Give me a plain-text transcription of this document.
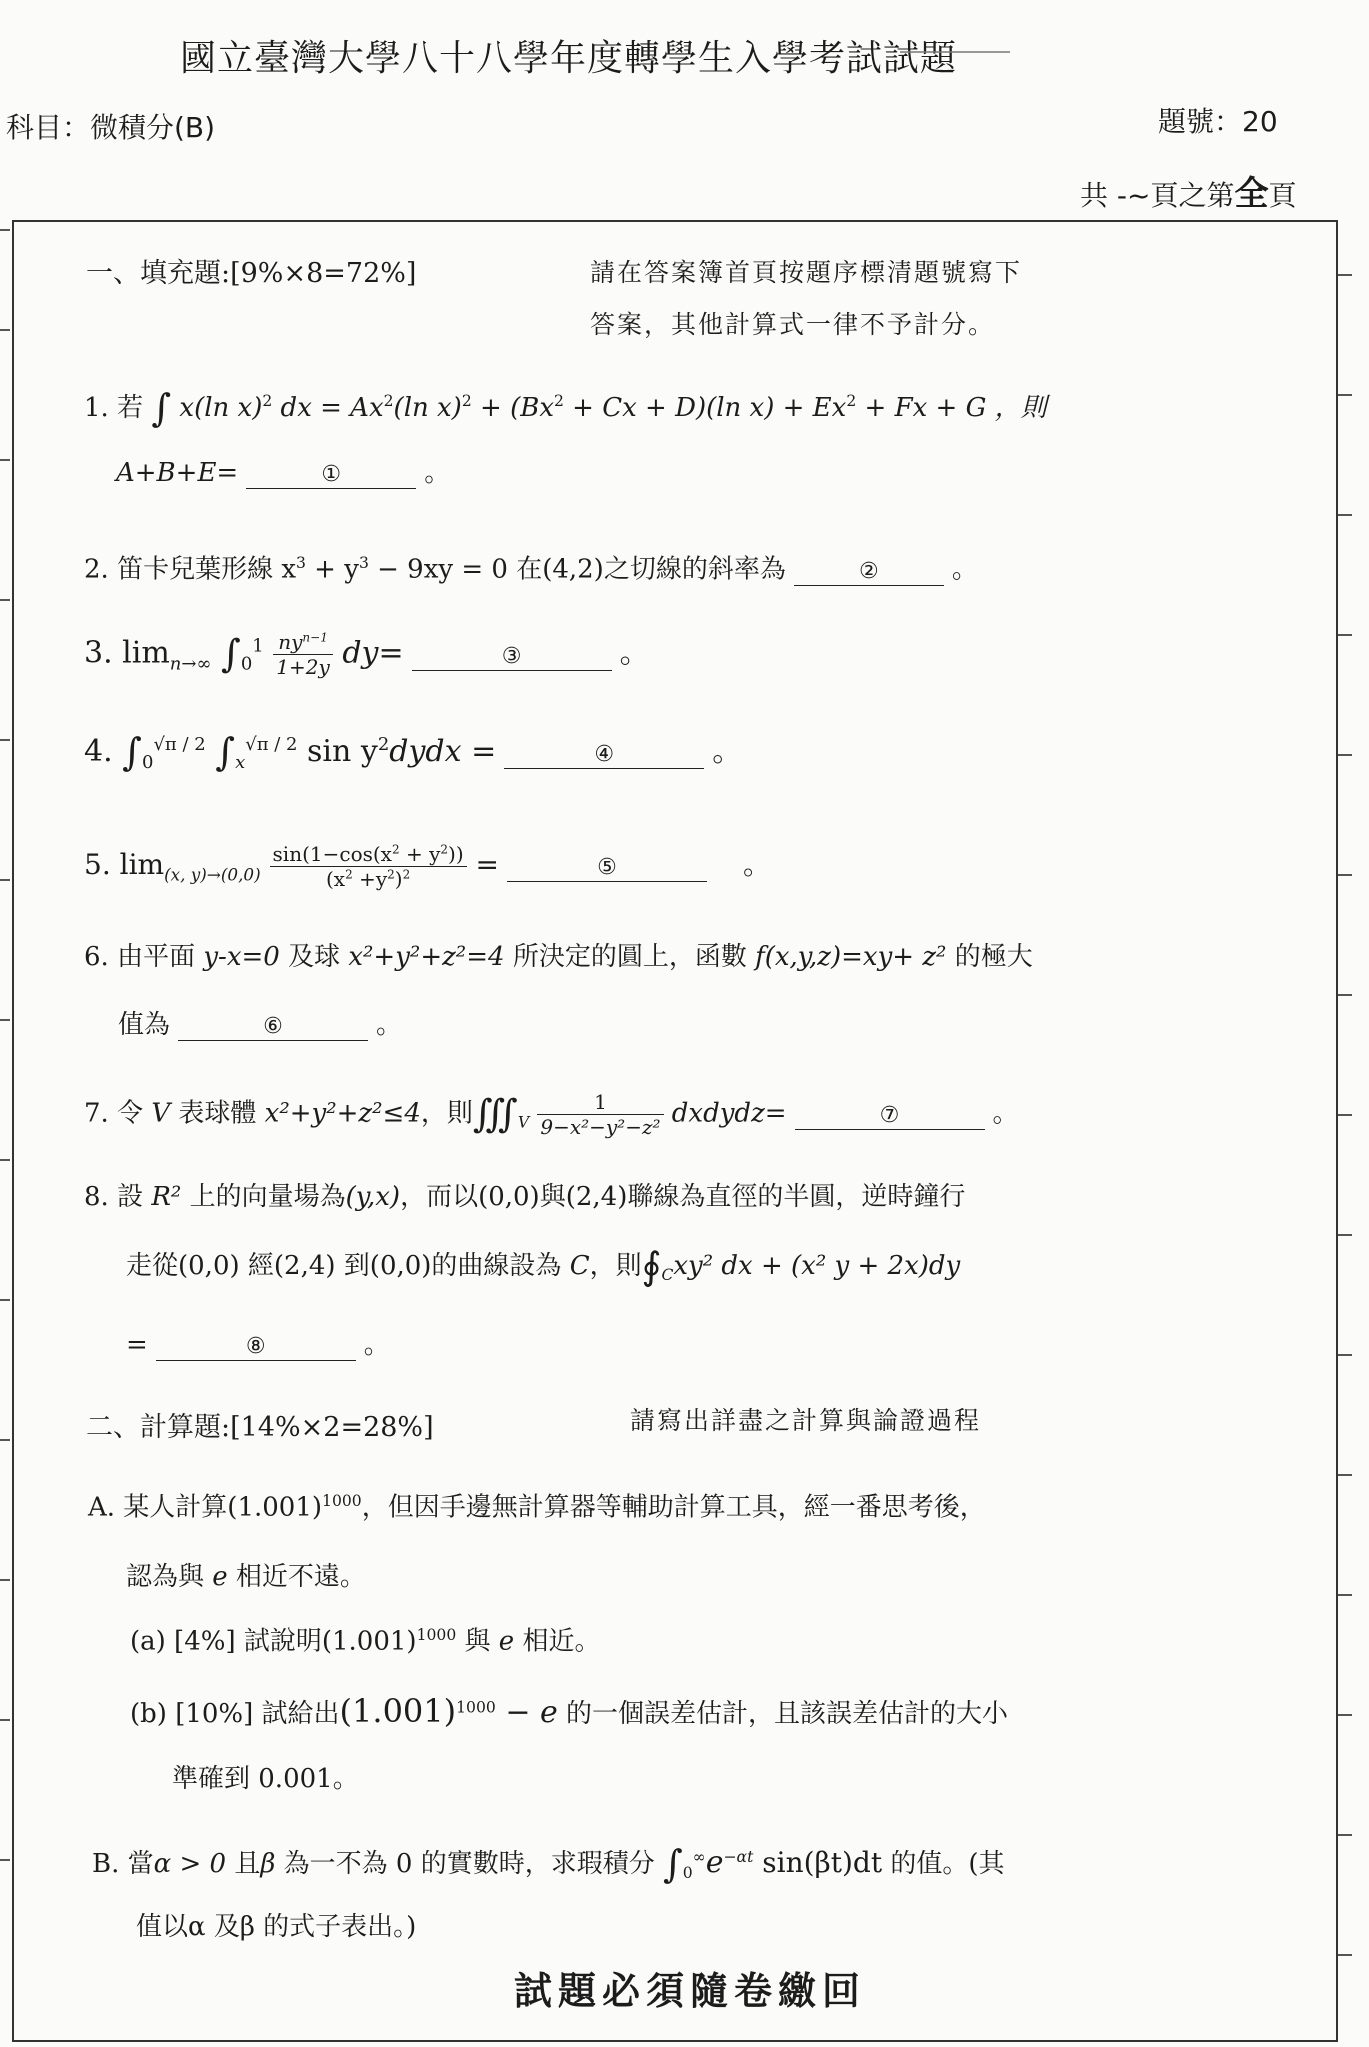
國立臺灣大學八十八學年度轉學生入學考試試題
科目：微積分(B)	題號：20
共 -~頁之第全頁
一、填充題:[9%×8=72%]	請在答案簿首頁按題序標清題號寫下
答案，其他計算式一律不予計分。
1. 若 ∫ x(ln x)$^2$ dx = $Ax^2(\ln$ $x)^2 + (Bx^2 + Cx + D)(\ln$ $x) + Ex^2 + Fx + G$ ，則
A+B+E=	①	。
2. 笛卡兒葉形線 $x^3 + y^3 - 9xy = 0$ 在(4,2)之切線的斜率為	②	。
3. $\lim_{n\to\infty} \int_0^1 \frac{ny^{n-1}}{1+2y} dy=$	③	。
4. $\int_0^{√\pi / 2}$ $\int_x^{√\pi / 2}$ $\sin y^2dydx$ =	④	。
5. $\lim_{(x, y)\to(0,0)} \frac{\sin(1-\cos(x^2 + y^2))}{(x^2 +y^2)^2}$ =	⑤	　。
6. 由平面 y-x=0 及球 x²+y²+z²=4 所決定的圓上，函數 f(x,y,z)=xy+ z² 的極大
值為	⑥	。
7. 令 V 表球體 x²+y²+z²≤4，則$∭_V \frac{1}{\text{9−x²−y²−z²}}$ dxdydz=	⑦	。
8. 設 R² 上的向量場為(y,x)，而以(0,0)與(2,4)聯線為直徑的半圓，逆時鐘行
走從(0,0) 經(2,4) 到(0,0)的曲線設為 C，則$∮_Cxy^2$ dx + (x² y + 2x)dy
=	⑧	。
二、計算題:[14%×2=28%]	請寫出詳盡之計算與論證過程
A. 某人計算$(1.001)^{1000}$，但因手邊無計算器等輔助計算工具，經一番思考後，
認為與 e 相近不遠。
(a) [4%] 試說明$(1.001)^{1000}$ 與 e 相近。
(b) [10%] 試給出$(1.001)^{1000} - e$ 的一個誤差估計，且該誤差估計的大小
準確到 0.001。
B. 當α > 0 且β 為一不為 0 的實數時，求瑕積分 $\int_0^\infty e^{-\alpha t}$ sin(βt)dt 的值。(其
值以α 及β 的式子表出。)
試題必須隨卷繳回
